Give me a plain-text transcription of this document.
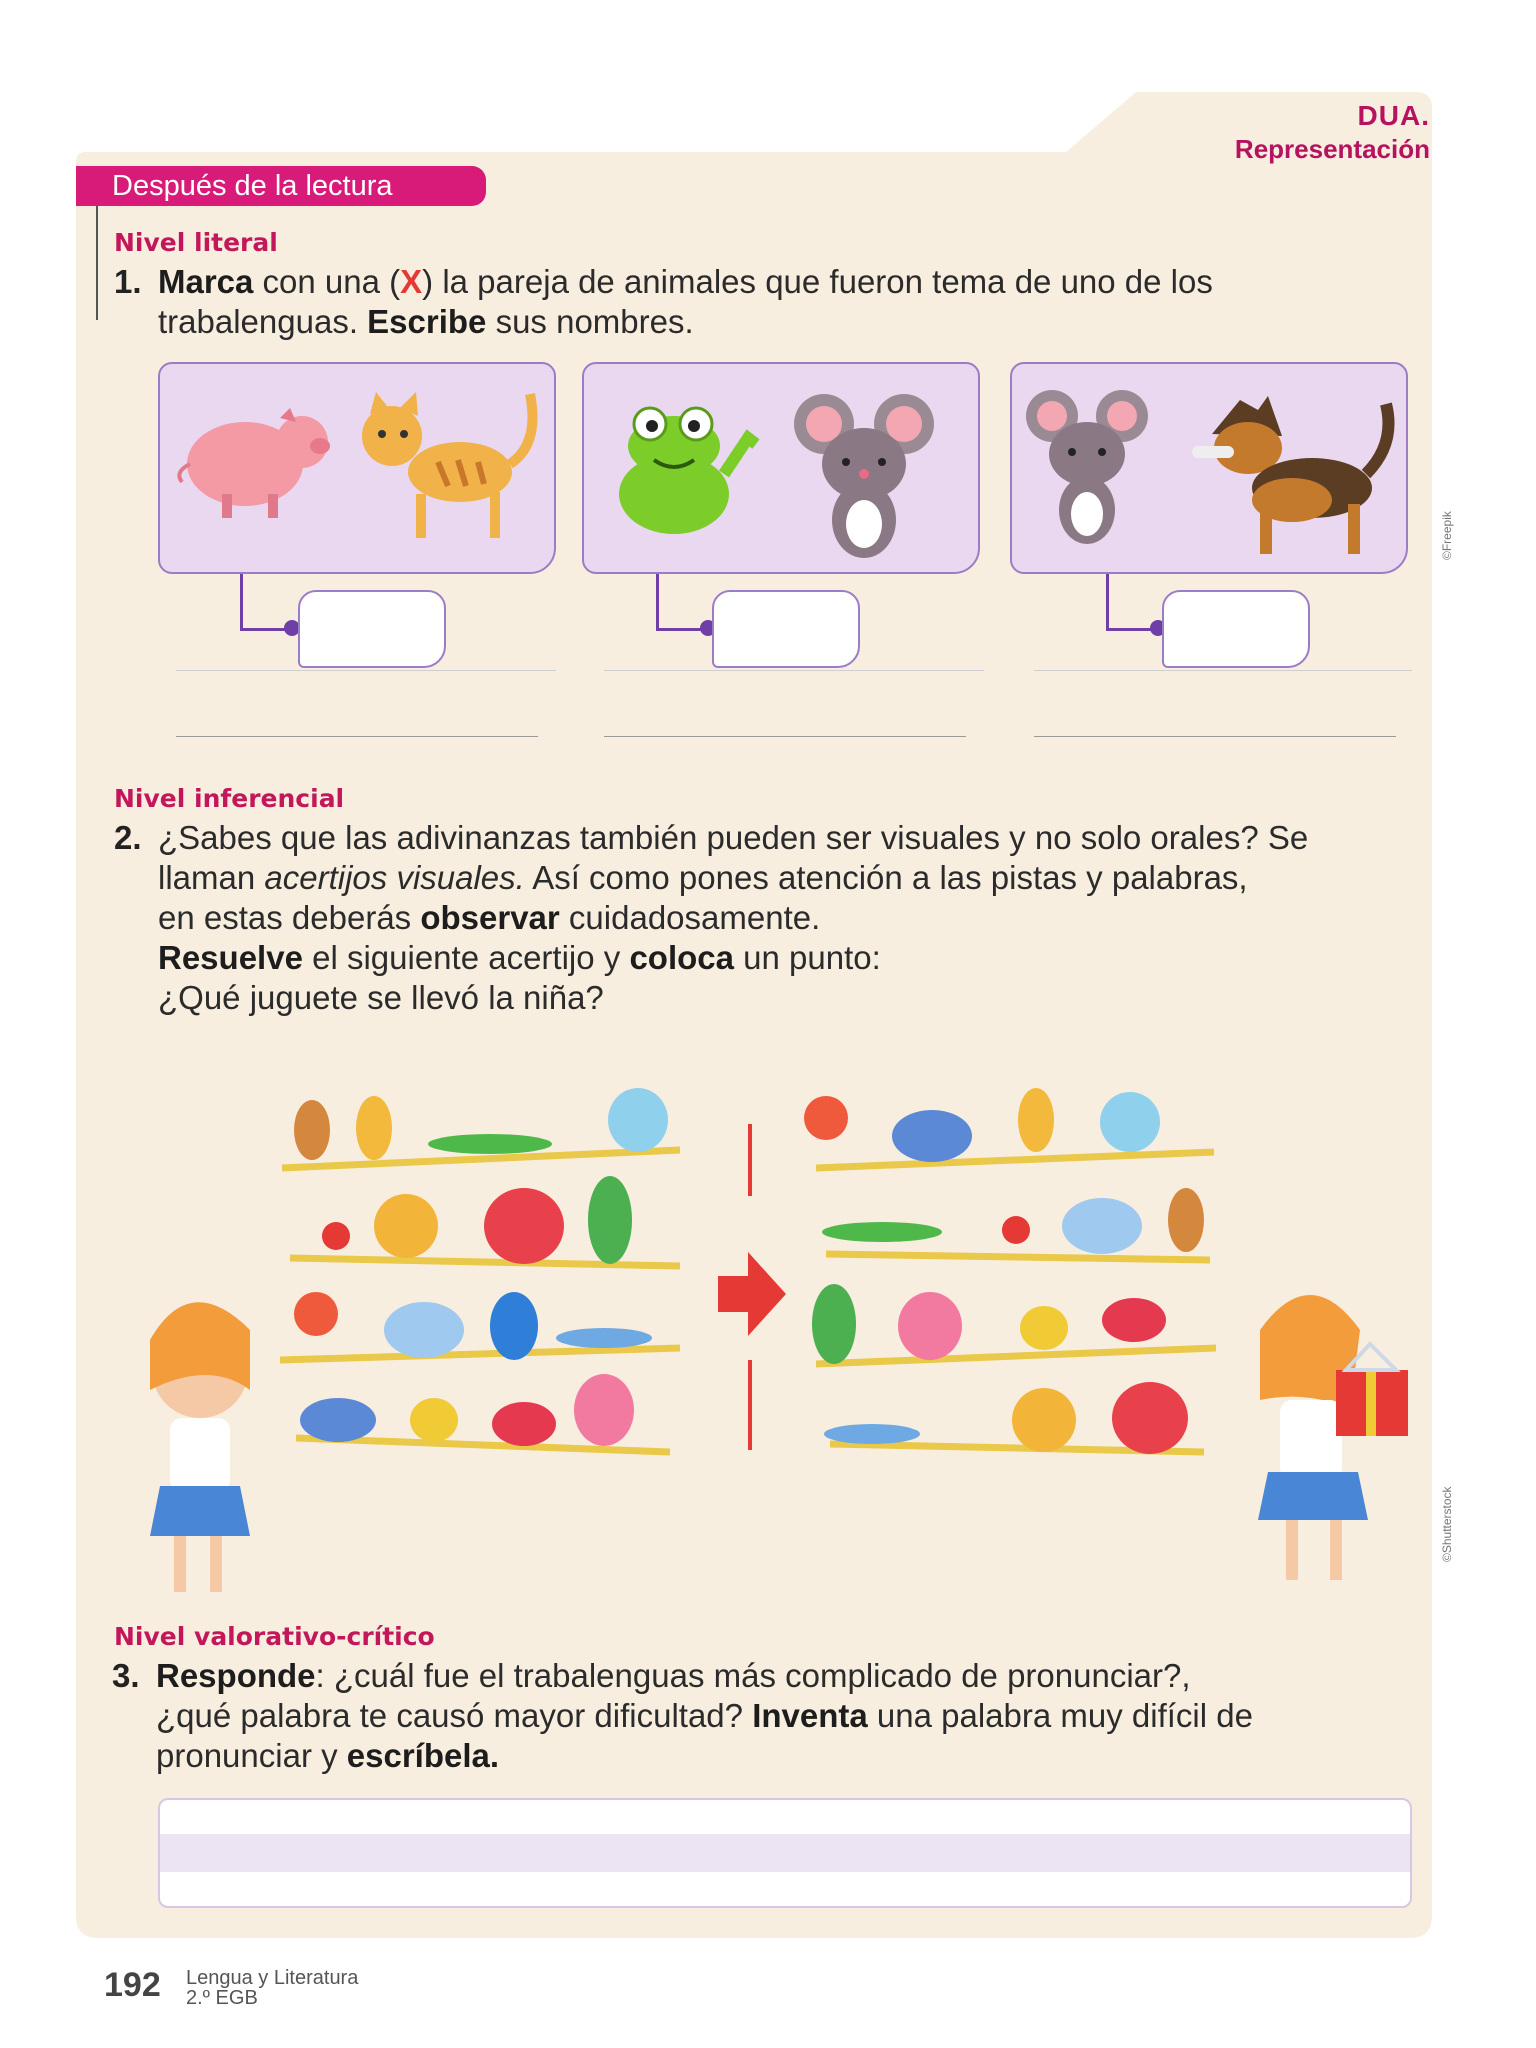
DUA.
Representación
Después de la lectura
Nivel literal
1. Marca con una (X) la pareja de animales que fueron tema de uno de los
trabalenguas. Escribe sus nombres.
Nivel inferencial
2. ¿Sabes que las adivinanzas también pueden ser visuales y no solo orales? Se
llaman acertijos visuales. Así como pones atención a las pistas y palabras,
en estas deberás observar cuidadosamente.
Resuelve el siguiente acertijo y coloca un punto:
¿Qué juguete se llevó la niña?
Nivel valorativo-crítico
3. Responde: ¿cuál fue el trabalenguas más complicado de pronunciar?,
¿qué palabra te causó mayor dificultad? Inventa una palabra muy difícil de
pronunciar y escríbela.
©Freepik
©Shutterstock
192 Lengua y Literatura
2.º EGB
